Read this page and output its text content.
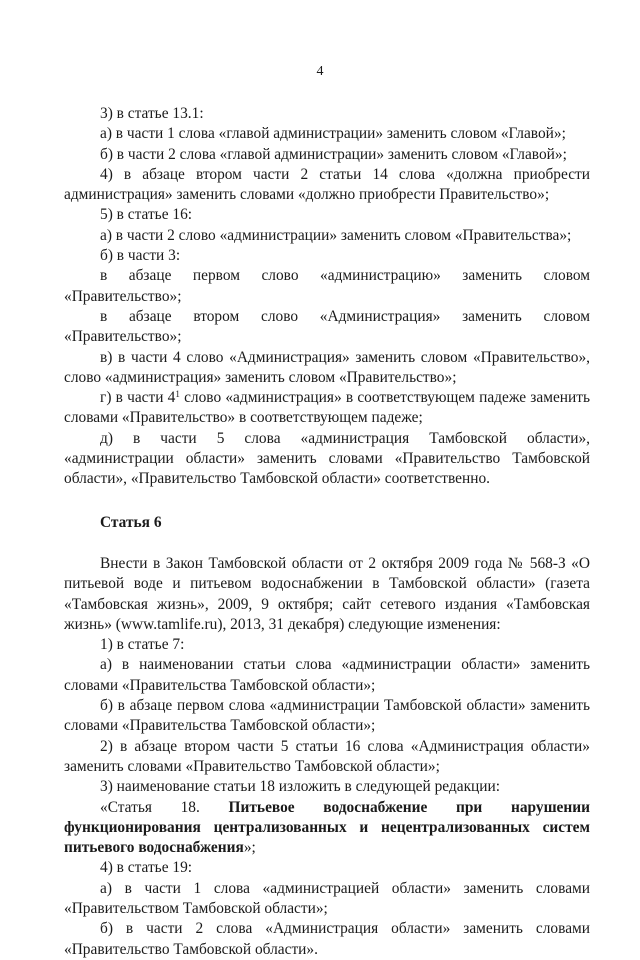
4

3) в статье 13.1:

а) в части 1 слова «главой администрации» заменить словом «Главой»;

б) в части 2 слова «главой администрации» заменить словом «Главой»;

4) в абзаце втором части 2 статьи 14 слова «должна приобрести администрация» заменить словами «должно приобрести Правительство»;

5) в статье 16:

а) в части 2 слово «администрации» заменить словом «Правительства»;

б) в части 3:

в абзаце первом слово «администрацию» заменить словом «Правительство»;

в абзаце втором слово «Администрация» заменить словом «Правительство»;

в) в части 4 слово «Администрация» заменить словом «Правительство», слово «администрация» заменить словом «Правительство»;

г) в части $4^1$ слово «администрация» в соответствующем падеже заменить словами «Правительство» в соответствующем падеже;

д) в части 5 слова «администрация Тамбовской области», «администрации области» заменить словами «Правительство Тамбовской области», «Правительство Тамбовской области» соответственно.

Статья 6

Внести в Закон Тамбовской области от 2 октября 2009 года № 568-З «О питьевой воде и питьевом водоснабжении в Тамбовской области» (газета «Тамбовская жизнь», 2009, 9 октября; сайт сетевого издания «Тамбовская жизнь» (www.tamlife.ru), 2013, 31 декабря) следующие изменения:

1) в статье 7:

а) в наименовании статьи слова «администрации области» заменить словами «Правительства Тамбовской области»;

б) в абзаце первом слова «администрации Тамбовской области» заменить словами «Правительства Тамбовской области»;

2) в абзаце втором части 5 статьи 16 слова «Администрация области» заменить словами «Правительство Тамбовской области»;

3) наименование статьи 18 изложить в следующей редакции:

«Статья 18. Питьевое водоснабжение при нарушении функционирования централизованных и нецентрализованных систем питьевого водоснабжения»;

4) в статье 19:

а) в части 1 слова «администрацией области» заменить словами «Правительством Тамбовской области»;

б) в части 2 слова «Администрация области» заменить словами «Правительство Тамбовской области».
